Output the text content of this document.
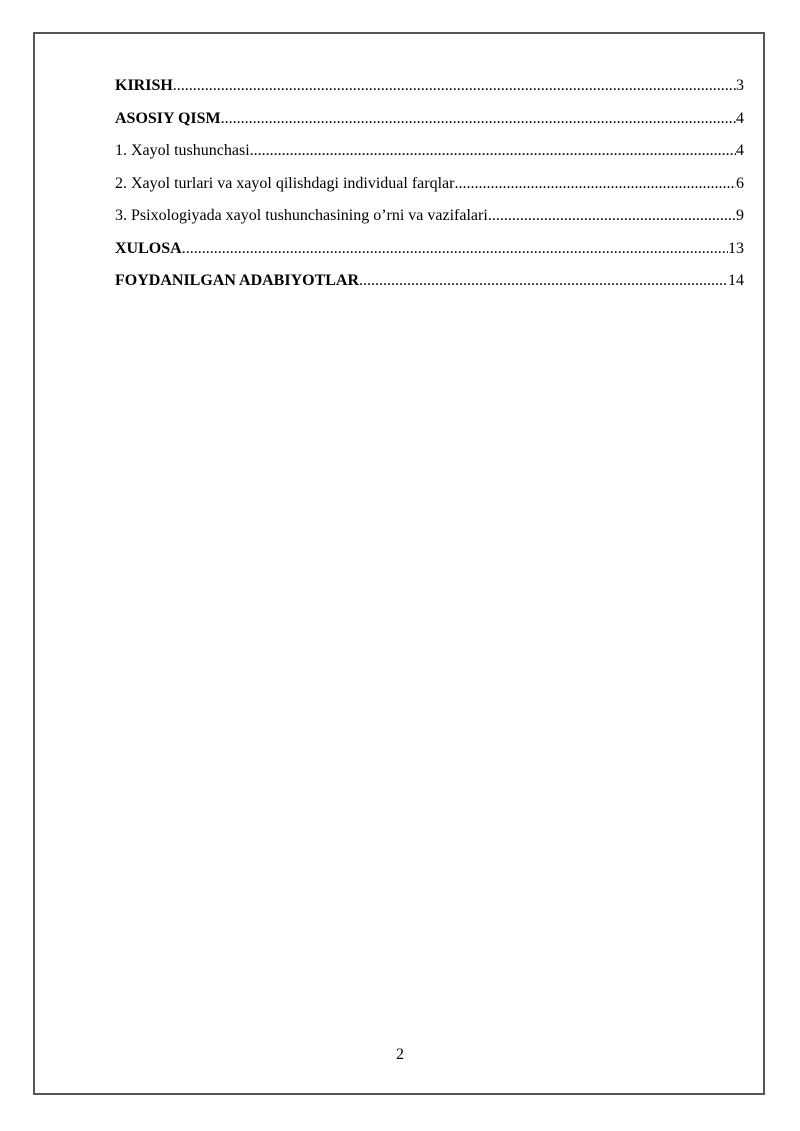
KIRISH .....	3
ASOSIY QISM .....	4
1. Xayol tushunchasi .....	4
2. Xayol turlari va xayol qilishdagi individual farqlar .....	6
3. Psixologiyada xayol tushunchasining o’rni va vazifalari .....	9
XULOSA .....	13
FOYDANILGAN ADABIYOTLAR .....	14
2
